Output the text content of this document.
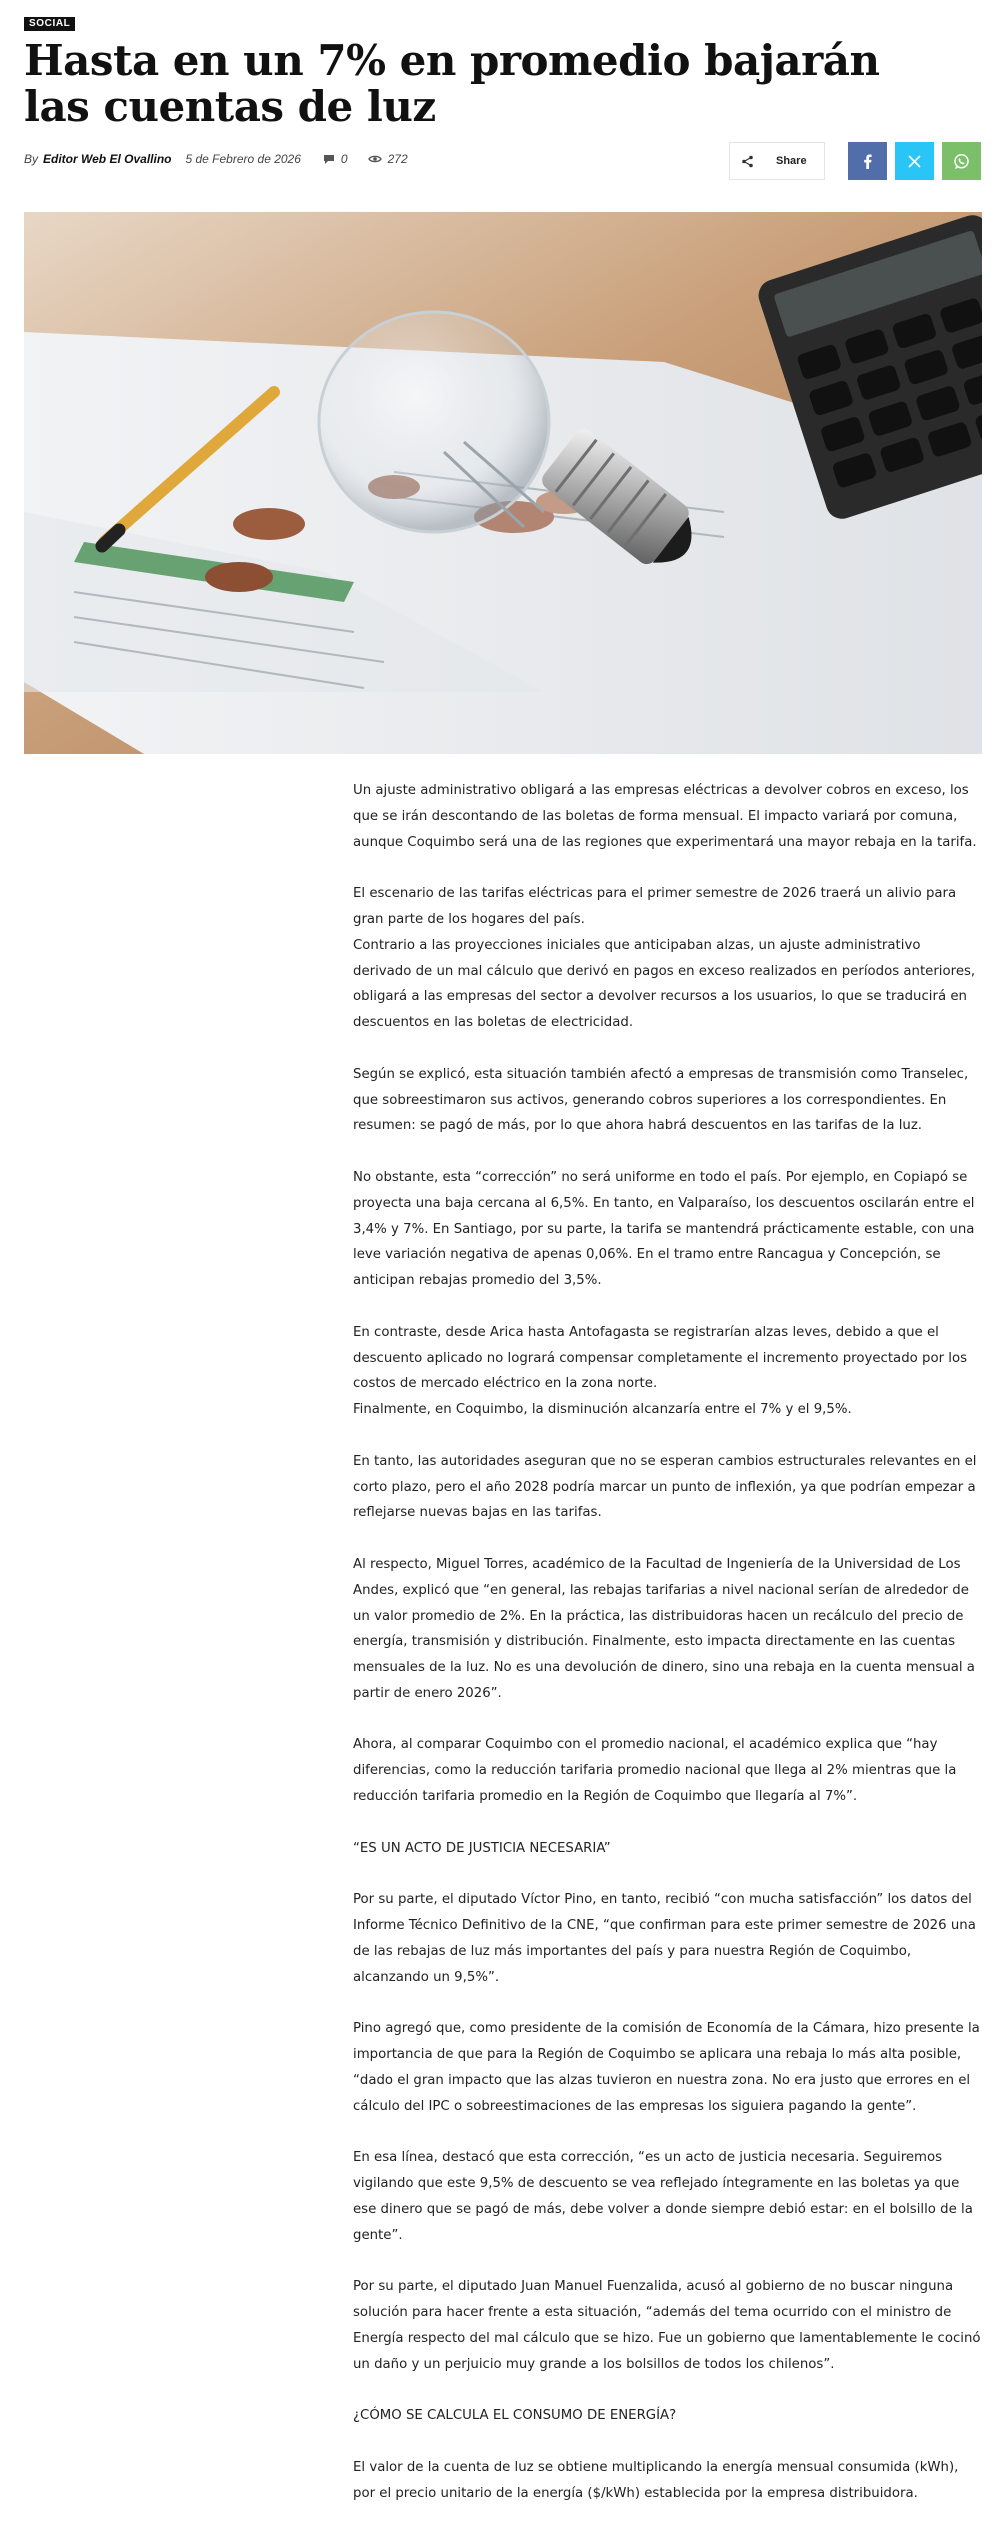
SOCIAL
Hasta en un 7% en promedio bajarán las cuentas de luz
By Editor Web El Ovallino 5 de Febrero de 2026	0	272	Share

Un ajuste administrativo obligará a las empresas eléctricas a devolver cobros en exceso, los que se irán descontando de las boletas de forma mensual. El impacto variará por comuna, aunque Coquimbo será una de las regiones que experimentará una mayor rebaja en la tarifa.

El escenario de las tarifas eléctricas para el primer semestre de 2026 traerá un alivio para gran parte de los hogares del país.
Contrario a las proyecciones iniciales que anticipaban alzas, un ajuste administrativo derivado de un mal cálculo que derivó en pagos en exceso realizados en períodos anteriores, obligará a las empresas del sector a devolver recursos a los usuarios, lo que se traducirá en descuentos en las boletas de electricidad.

Según se explicó, esta situación también afectó a empresas de transmisión como Transelec, que sobreestimaron sus activos, generando cobros superiores a los correspondientes. En resumen: se pagó de más, por lo que ahora habrá descuentos en las tarifas de la luz.

No obstante, esta “corrección” no será uniforme en todo el país. Por ejemplo, en Copiapó se proyecta una baja cercana al 6,5%. En tanto, en Valparaíso, los descuentos oscilarán entre el 3,4% y 7%. En Santiago, por su parte, la tarifa se mantendrá prácticamente estable, con una leve variación negativa de apenas 0,06%. En el tramo entre Rancagua y Concepción, se anticipan rebajas promedio del 3,5%.

En contraste, desde Arica hasta Antofagasta se registrarían alzas leves, debido a que el descuento aplicado no logrará compensar completamente el incremento proyectado por los costos de mercado eléctrico en la zona norte.
Finalmente, en Coquimbo, la disminución alcanzaría entre el 7% y el 9,5%.

En tanto, las autoridades aseguran que no se esperan cambios estructurales relevantes en el corto plazo, pero el año 2028 podría marcar un punto de inflexión, ya que podrían empezar a reflejarse nuevas bajas en las tarifas.

Al respecto, Miguel Torres, académico de la Facultad de Ingeniería de la Universidad de Los Andes, explicó que “en general, las rebajas tarifarias a nivel nacional serían de alrededor de un valor promedio de 2%. En la práctica, las distribuidoras hacen un recálculo del precio de energía, transmisión y distribución. Finalmente, esto impacta directamente en las cuentas mensuales de la luz. No es una devolución de dinero, sino una rebaja en la cuenta mensual a partir de enero 2026”.

Ahora, al comparar Coquimbo con el promedio nacional, el académico explica que “hay diferencias, como la reducción tarifaria promedio nacional que llega al 2% mientras que la reducción tarifaria promedio en la Región de Coquimbo que llegaría al 7%”.

“ES UN ACTO DE JUSTICIA NECESARIA”

Por su parte, el diputado Víctor Pino, en tanto, recibió “con mucha satisfacción” los datos del Informe Técnico Definitivo de la CNE, “que confirman para este primer semestre de 2026 una de las rebajas de luz más importantes del país y para nuestra Región de Coquimbo, alcanzando un 9,5%”.

Pino agregó que, como presidente de la comisión de Economía de la Cámara, hizo presente la importancia de que para la Región de Coquimbo se aplicara una rebaja lo más alta posible, “dado el gran impacto que las alzas tuvieron en nuestra zona. No era justo que errores en el cálculo del IPC o sobreestimaciones de las empresas los siguiera pagando la gente”.

En esa línea, destacó que esta corrección, “es un acto de justicia necesaria. Seguiremos vigilando que este 9,5% de descuento se vea reflejado íntegramente en las boletas ya que ese dinero que se pagó de más, debe volver a donde siempre debió estar: en el bolsillo de la gente”.

Por su parte, el diputado Juan Manuel Fuenzalida, acusó al gobierno de no buscar ninguna solución para hacer frente a esta situación, “además del tema ocurrido con el ministro de Energía respecto del mal cálculo que se hizo. Fue un gobierno que lamentablemente le cocinó un daño y un perjuicio muy grande a los bolsillos de todos los chilenos”.

¿CÓMO SE CALCULA EL CONSUMO DE ENERGÍA?

El valor de la cuenta de luz se obtiene multiplicando la energía mensual consumida (kWh), por el precio unitario de la energía ($/kWh) establecida por la empresa distribuidora.
